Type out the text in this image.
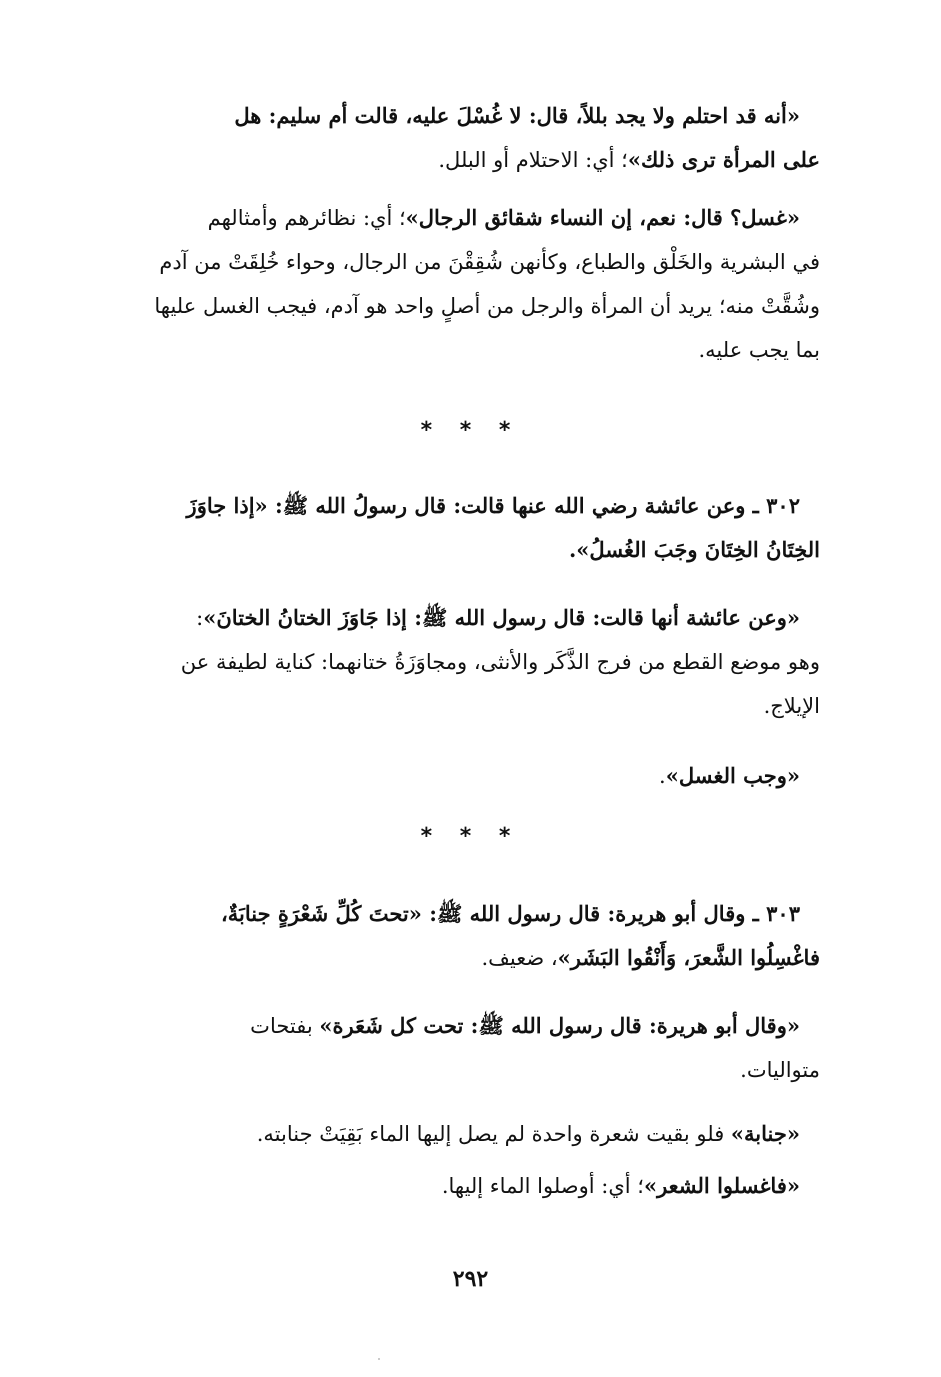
«أنه قد احتلم ولا يجد بللاً، قال: لا غُسْلَ عليه، قالت أم سليم: هل
على المرأة ترى ذلك»؛ أي: الاحتلام أو البلل.
«غسل؟ قال: نعم، إن النساء شقائق الرجال»؛ أي: نظائرهم وأمثالهم
في البشرية والخَلْق والطباع، وكأنهن شُقِقْنَ من الرجال، وحواء خُلِقَتْ من آدم
وشُقَّتْ منه؛ يريد أن المرأة والرجل من أصلٍ واحد هو آدم، فيجب الغسل عليها
بما يجب عليه.
* * *
٣٠٢ ـ وعن عائشة رضي الله عنها قالت: قال رسولُ الله ﷺ: «إذا جاوَزَ
الخِتَانُ الخِتَانَ وجَبَ الغُسلُ».
«وعن عائشة أنها قالت: قال رسول الله ﷺ: إذا جَاوَزَ الختانُ الختانَ»:
وهو موضع القطع من فرج الذَّكَر والأنثى، ومجاوَزَةُ ختانهما: كناية لطيفة عن
الإيلاج.
«وجب الغسل».
* * *
٣٠٣ ـ وقال أبو هريرة: قال رسول الله ﷺ: «تحتَ كُلِّ شَعْرَةٍ جنابَةٌ،
فاغْسِلُوا الشَّعرَ، وَأَنْقُوا البَشَر»، ضعيف.
«وقال أبو هريرة: قال رسول الله ﷺ: تحت كل شَعَرة» بفتحات
متواليات.
«جنابة» فلو بقيت شعرة واحدة لم يصل إليها الماء بَقِيَتْ جنابته.
«فاغسلوا الشعر»؛ أي: أوصلوا الماء إليها.
٢٩٢
